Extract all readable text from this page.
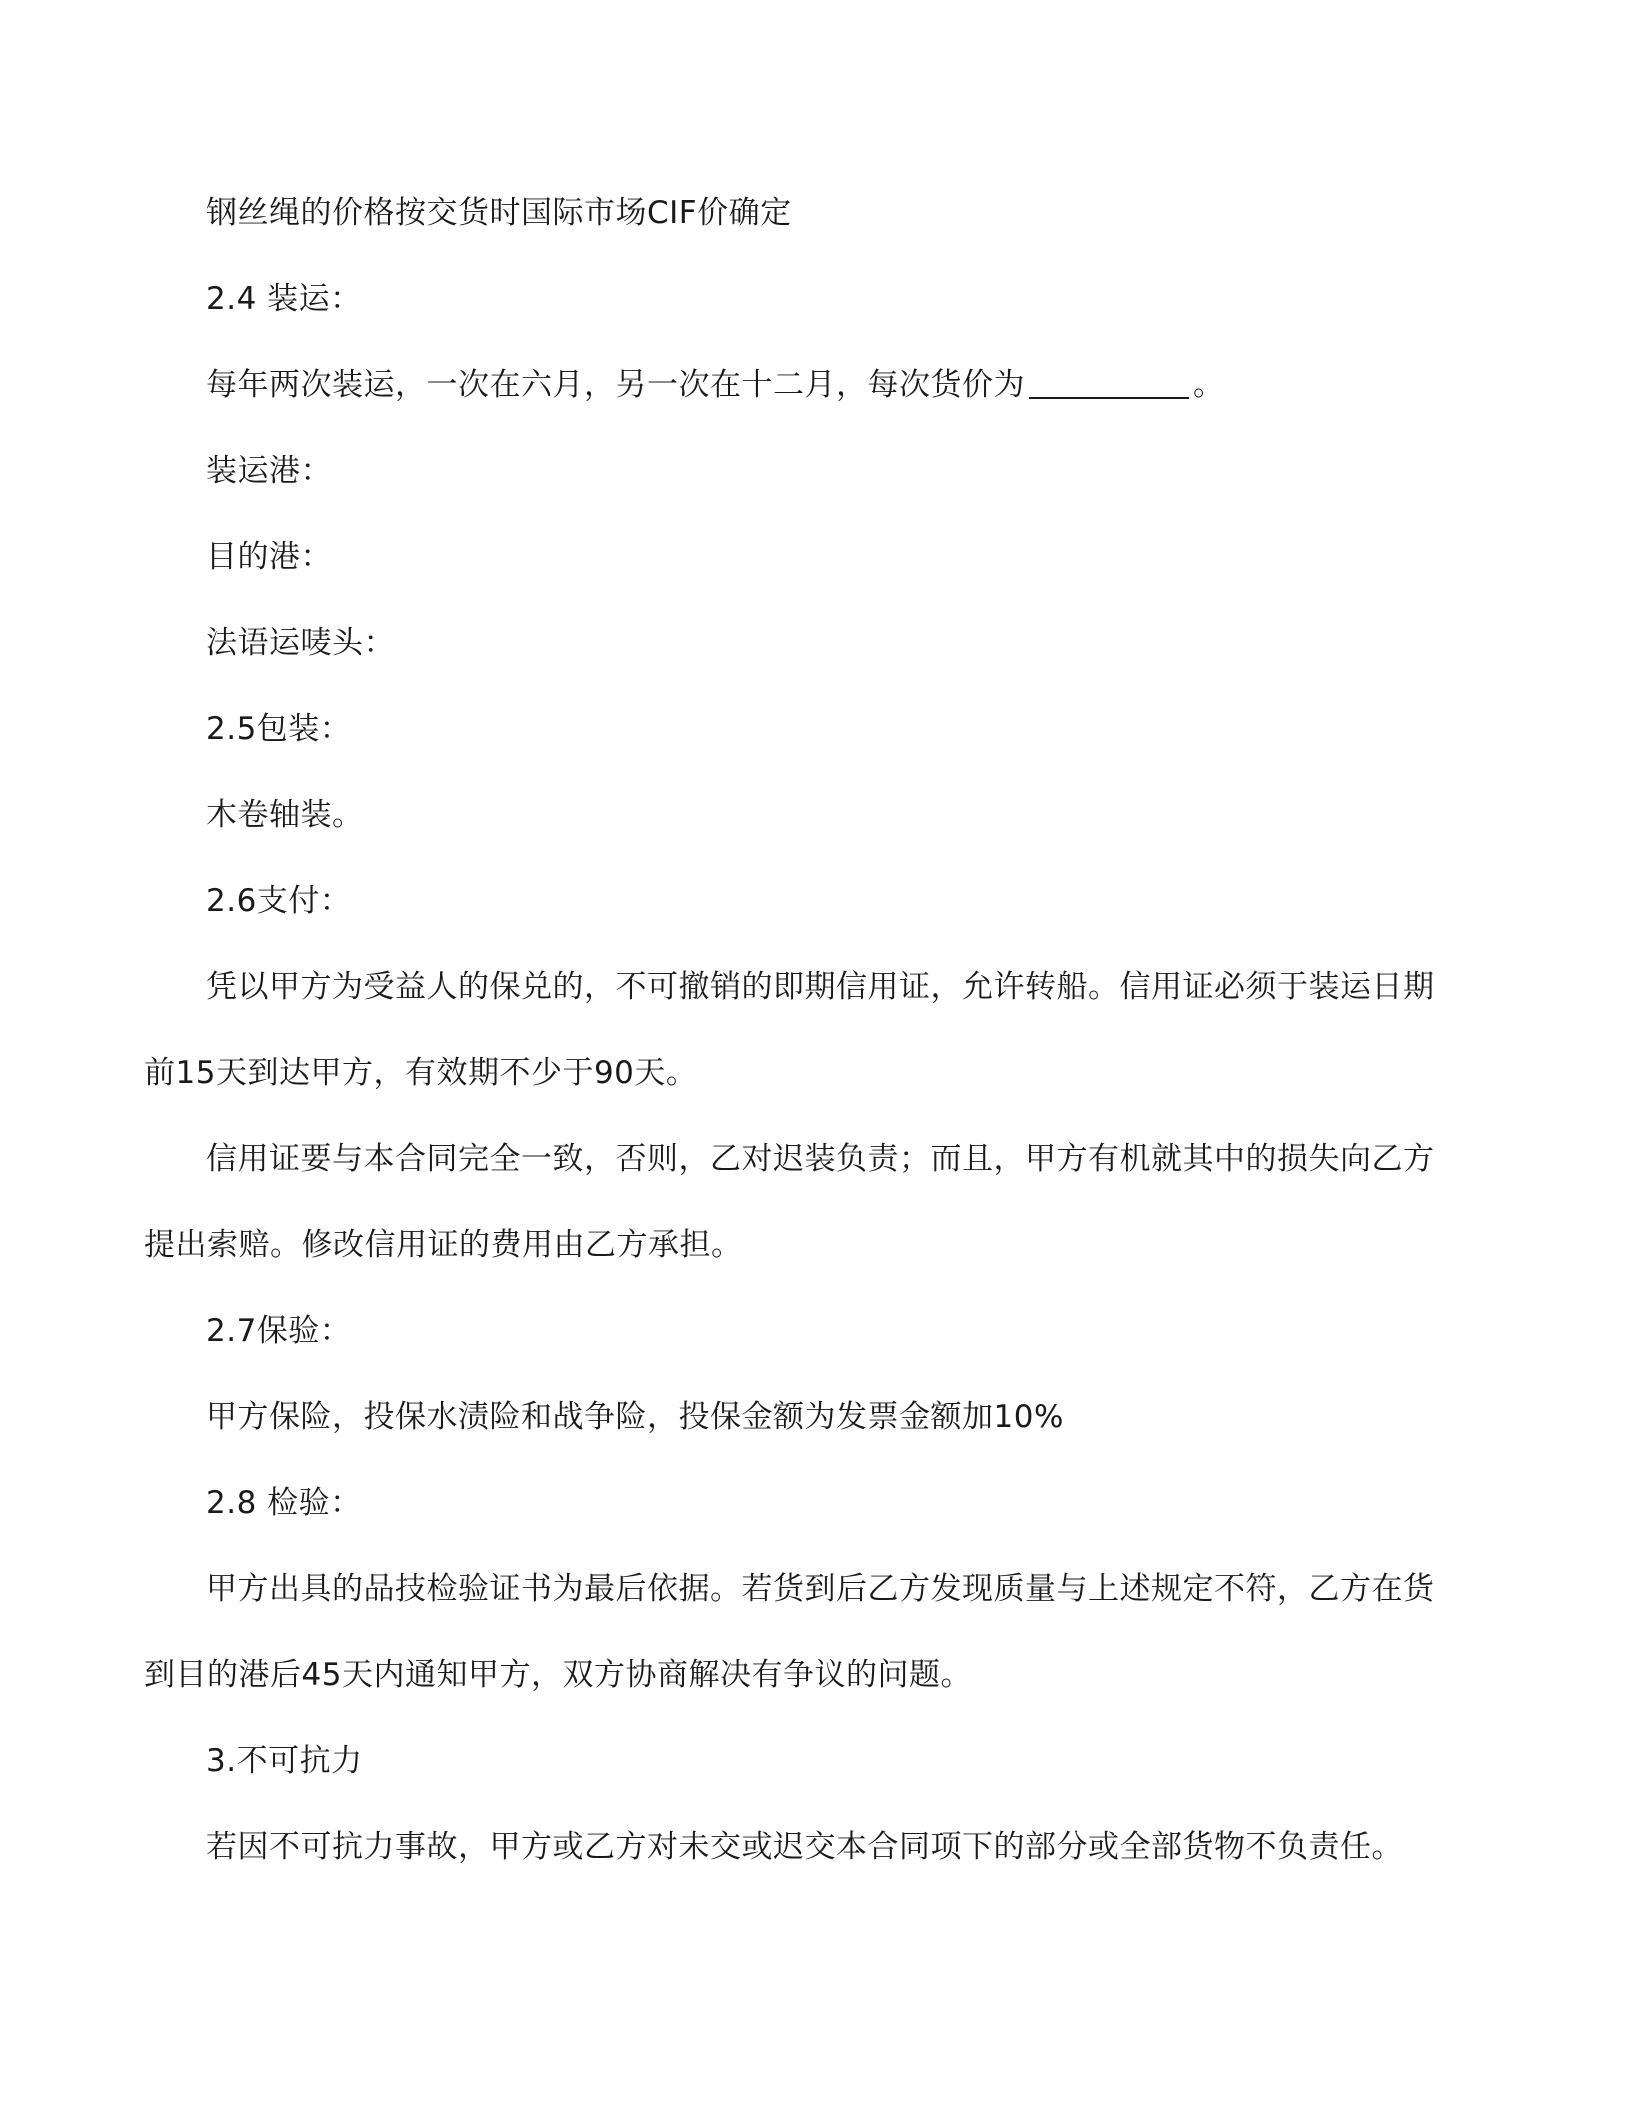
钢丝绳的价格按交货时国际市场CIF价确定
2.4 装运：
每年两次装运，一次在六月，另一次在十二月，每次货价为	。
装运港：
目的港：
法语运唛头：
2.5包装：
木卷轴装。
2.6支付：
凭以甲方为受益人的保兑的，不可撤销的即期信用证，允许转船。信用证必须于装运日期
前15天到达甲方，有效期不少于90天。
信用证要与本合同完全一致，否则，乙对迟装负责；而且，甲方有机就其中的损失向乙方
提出索赔。修改信用证的费用由乙方承担。
2.7保验：
甲方保险，投保水渍险和战争险，投保金额为发票金额加10%
2.8 检验：
甲方出具的品技检验证书为最后依据。若货到后乙方发现质量与上述规定不符，乙方在货
到目的港后45天内通知甲方，双方协商解决有争议的问题。
3.不可抗力
若因不可抗力事故，甲方或乙方对未交或迟交本合同项下的部分或全部货物不负责任。
